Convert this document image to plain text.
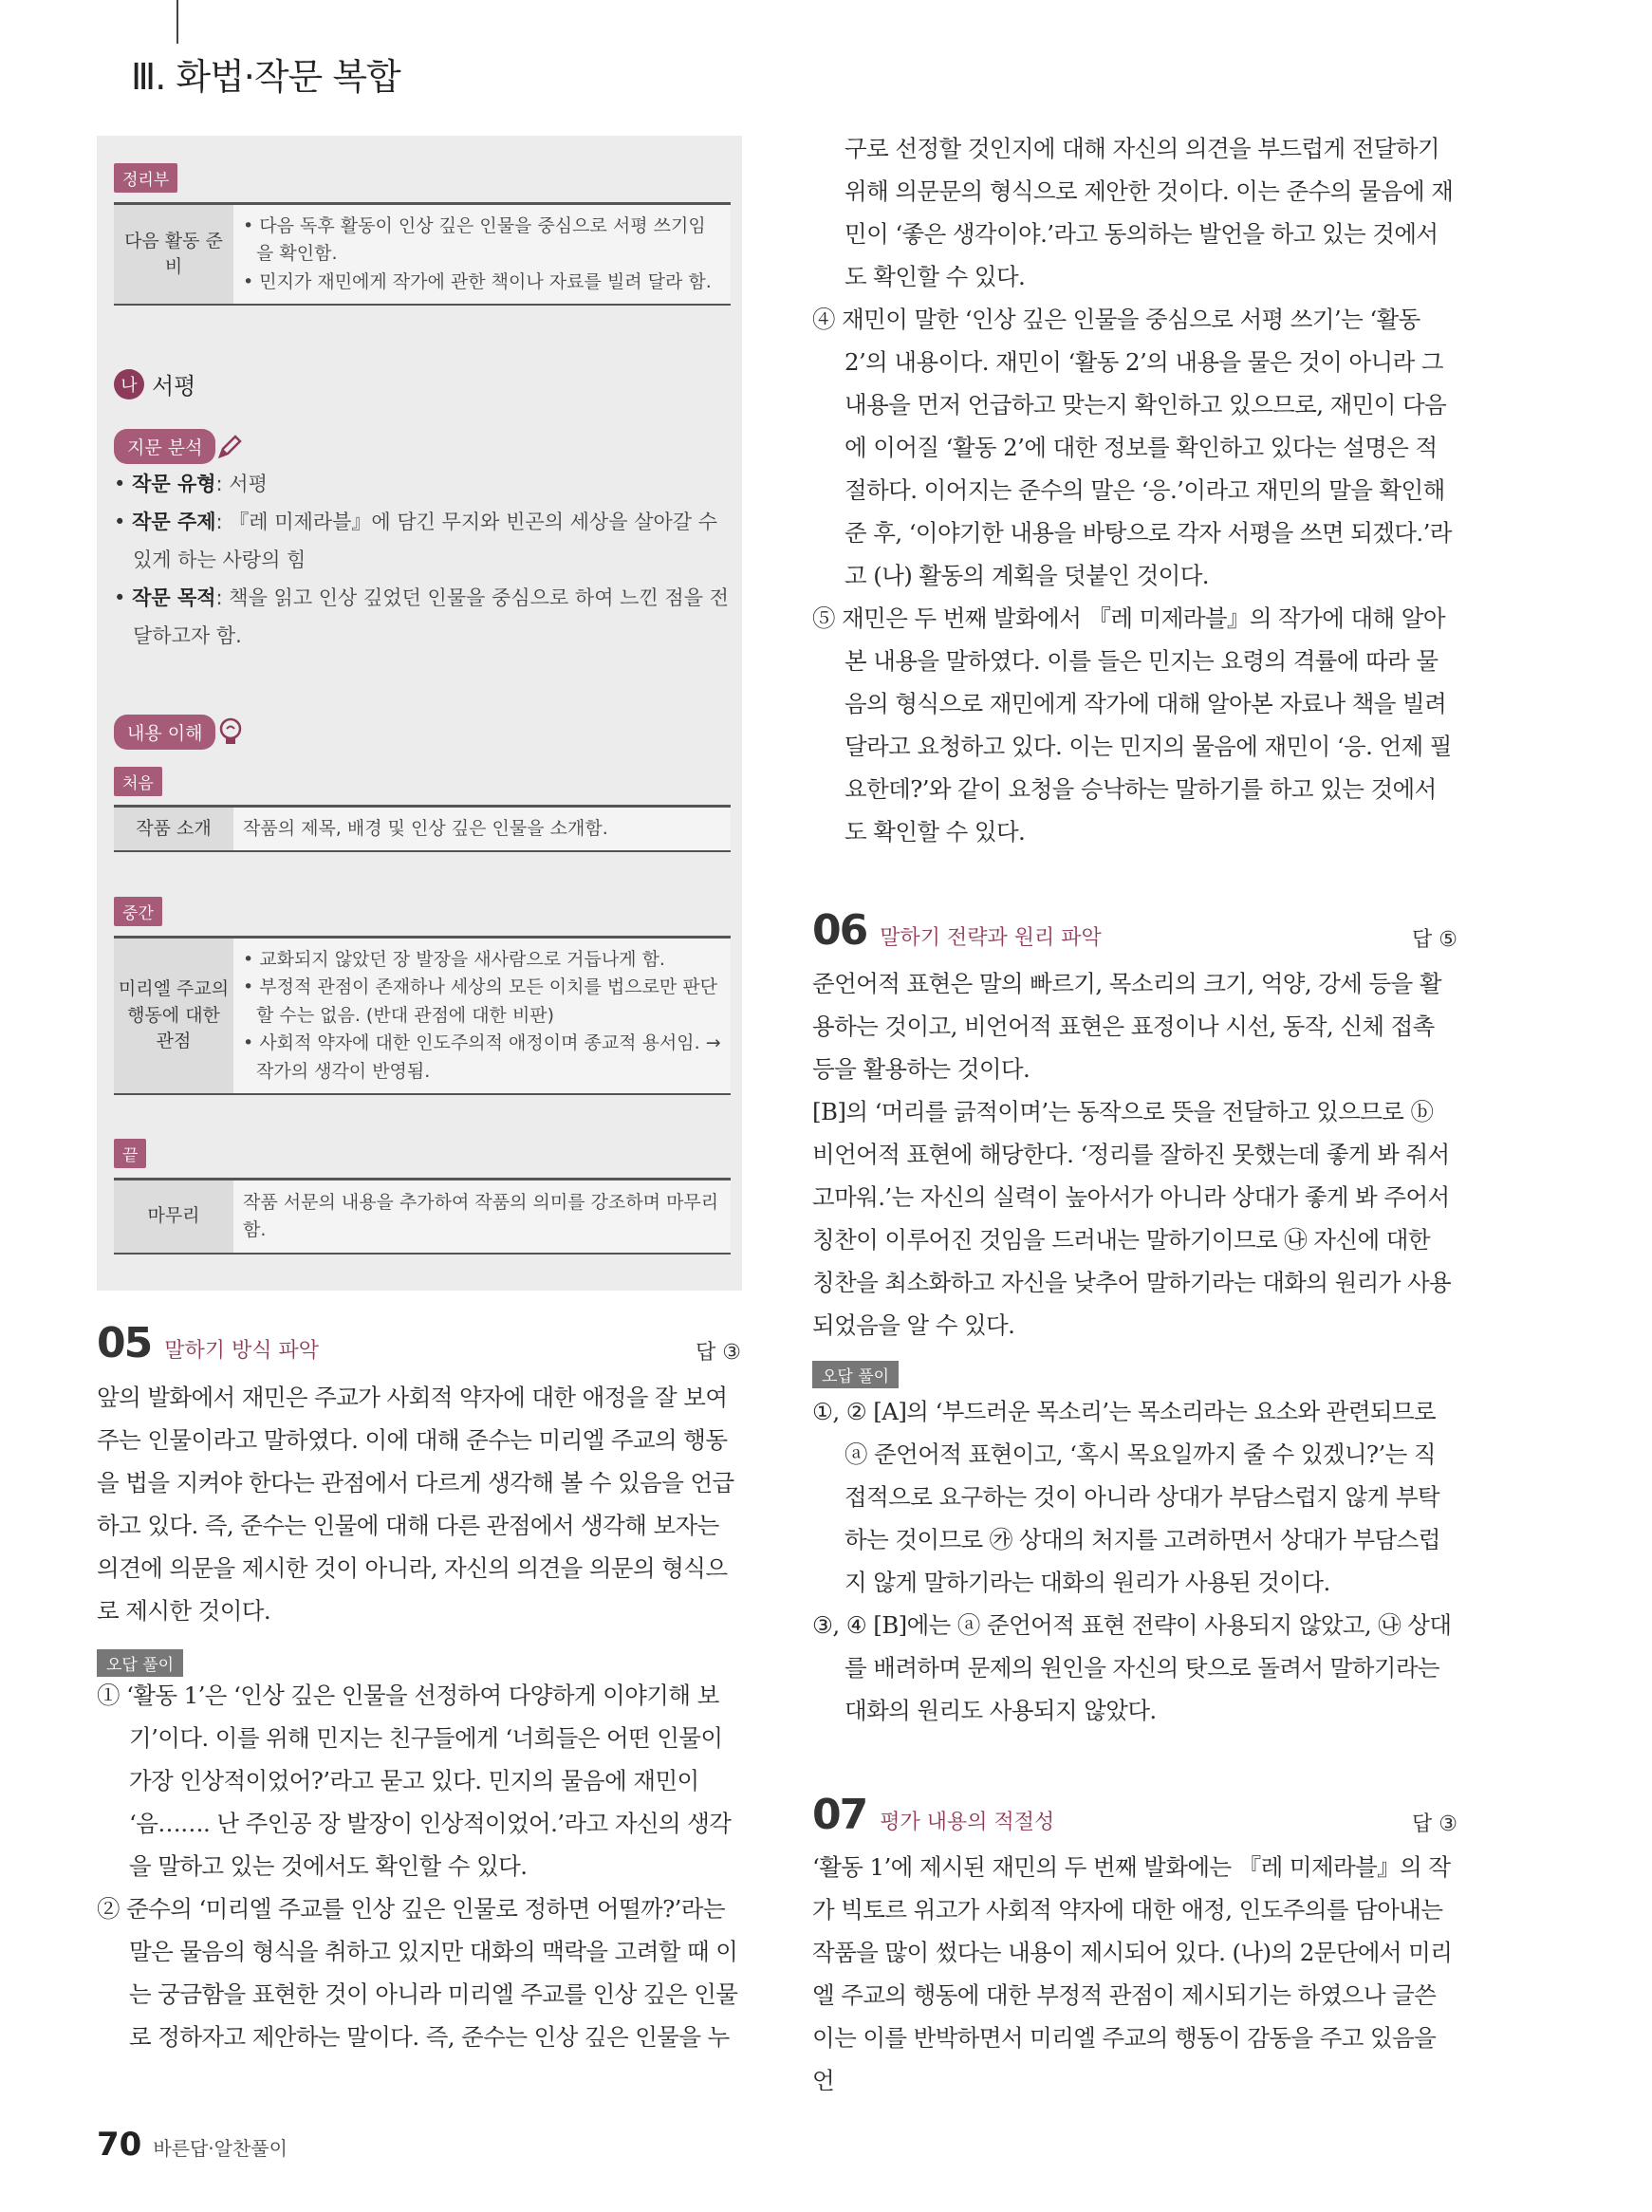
Ⅲ. 화법·작문 복합
정리부
다음 활동 준비	
• 다음 독후 활동이 인상 깊은 인물을 중심으로 서평 쓰기임을 확인함.
• 민지가 재민에게 작가에 관한 책이나 자료를 빌려 달라 함.
나 서평
지문 분석
• 작문 유형: 서평
• 작문 주제: 『레 미제라블』에 담긴 무지와 빈곤의 세상을 살아갈 수 있게 하는 사랑의 힘
• 작문 목적: 책을 읽고 인상 깊었던 인물을 중심으로 하여 느낀 점을 전달하고자 함.
내용 이해
처음
작품 소개	작품의 제목, 배경 및 인상 깊은 인물을 소개함.
중간
미리엘 주교의 행동에 대한 관점	
• 교화되지 않았던 장 발장을 새사람으로 거듭나게 함.
• 부정적 관점이 존재하나 세상의 모든 이치를 법으로만 판단할 수는 없음. (반대 관점에 대한 비판)
• 사회적 약자에 대한 인도주의적 애정이며 종교적 용서임. → 작가의 생각이 반영됨.
끝
마무리	작품 서문의 내용을 추가하여 작품의 의미를 강조하며 마무리함.
05 말하기 방식 파악	답 ③

앞의 발화에서 재민은 주교가 사회적 약자에 대한 애정을 잘 보여주는 인물이라고 말하였다. 이에 대해 준수는 미리엘 주교의 행동을 법을 지켜야 한다는 관점에서 다르게 생각해 볼 수 있음을 언급하고 있다. 즉, 준수는 인물에 대해 다른 관점에서 생각해 보자는 의견에 의문을 제시한 것이 아니라, 자신의 의견을 의문의 형식으로 제시한 것이다.

오답 풀이

① ‘활동 1’은 ‘인상 깊은 인물을 선정하여 다양하게 이야기해 보기’이다. 이를 위해 민지는 친구들에게 ‘너희들은 어떤 인물이 가장 인상적이었어?’라고 묻고 있다. 민지의 물음에 재민이 ‘음……. 난 주인공 장 발장이 인상적이었어.’라고 자신의 생각을 말하고 있는 것에서도 확인할 수 있다.

② 준수의 ‘미리엘 주교를 인상 깊은 인물로 정하면 어떨까?’라는 말은 물음의 형식을 취하고 있지만 대화의 맥락을 고려할 때 이는 궁금함을 표현한 것이 아니라 미리엘 주교를 인상 깊은 인물로 정하자고 제안하는 말이다. 즉, 준수는 인상 깊은 인물을 누

구로 선정할 것인지에 대해 자신의 의견을 부드럽게 전달하기 위해 의문문의 형식으로 제안한 것이다. 이는 준수의 물음에 재민이 ‘좋은 생각이야.’라고 동의하는 발언을 하고 있는 것에서도 확인할 수 있다.

④ 재민이 말한 ‘인상 깊은 인물을 중심으로 서평 쓰기’는 ‘활동 2’의 내용이다. 재민이 ‘활동 2’의 내용을 물은 것이 아니라 그 내용을 먼저 언급하고 맞는지 확인하고 있으므로, 재민이 다음에 이어질 ‘활동 2’에 대한 정보를 확인하고 있다는 설명은 적절하다. 이어지는 준수의 말은 ‘응.’이라고 재민의 말을 확인해 준 후, ‘이야기한 내용을 바탕으로 각자 서평을 쓰면 되겠다.’라고 (나) 활동의 계획을 덧붙인 것이다.

⑤ 재민은 두 번째 발화에서 『레 미제라블』의 작가에 대해 알아본 내용을 말하였다. 이를 들은 민지는 요령의 격률에 따라 물음의 형식으로 재민에게 작가에 대해 알아본 자료나 책을 빌려 달라고 요청하고 있다. 이는 민지의 물음에 재민이 ‘응. 언제 필요한데?’와 같이 요청을 승낙하는 말하기를 하고 있는 것에서도 확인할 수 있다.

06 말하기 전략과 원리 파악	답 ⑤

준언어적 표현은 말의 빠르기, 목소리의 크기, 억양, 강세 등을 활용하는 것이고, 비언어적 표현은 표정이나 시선, 동작, 신체 접촉 등을 활용하는 것이다.

[B]의 ‘머리를 긁적이며’는 동작으로 뜻을 전달하고 있으므로 ⓑ 비언어적 표현에 해당한다. ‘정리를 잘하진 못했는데 좋게 봐 줘서 고마워.’는 자신의 실력이 높아서가 아니라 상대가 좋게 봐 주어서 칭찬이 이루어진 것임을 드러내는 말하기이므로 ㉯ 자신에 대한 칭찬을 최소화하고 자신을 낮추어 말하기라는 대화의 원리가 사용되었음을 알 수 있다.

오답 풀이

①, ② [A]의 ‘부드러운 목소리’는 목소리라는 요소와 관련되므로 ⓐ 준언어적 표현이고, ‘혹시 목요일까지 줄 수 있겠니?’는 직접적으로 요구하는 것이 아니라 상대가 부담스럽지 않게 부탁하는 것이므로 ㉮ 상대의 처지를 고려하면서 상대가 부담스럽지 않게 말하기라는 대화의 원리가 사용된 것이다.

③, ④ [B]에는 ⓐ 준언어적 표현 전략이 사용되지 않았고, ㉯ 상대를 배려하며 문제의 원인을 자신의 탓으로 돌려서 말하기라는 대화의 원리도 사용되지 않았다.

07 평가 내용의 적절성	답 ③

‘활동 1’에 제시된 재민의 두 번째 발화에는 『레 미제라블』의 작가 빅토르 위고가 사회적 약자에 대한 애정, 인도주의를 담아내는 작품을 많이 썼다는 내용이 제시되어 있다. (나)의 2문단에서 미리엘 주교의 행동에 대한 부정적 관점이 제시되기는 하였으나 글쓴이는 이를 반박하면서 미리엘 주교의 행동이 감동을 주고 있음을 언

70 바른답·알찬풀이
